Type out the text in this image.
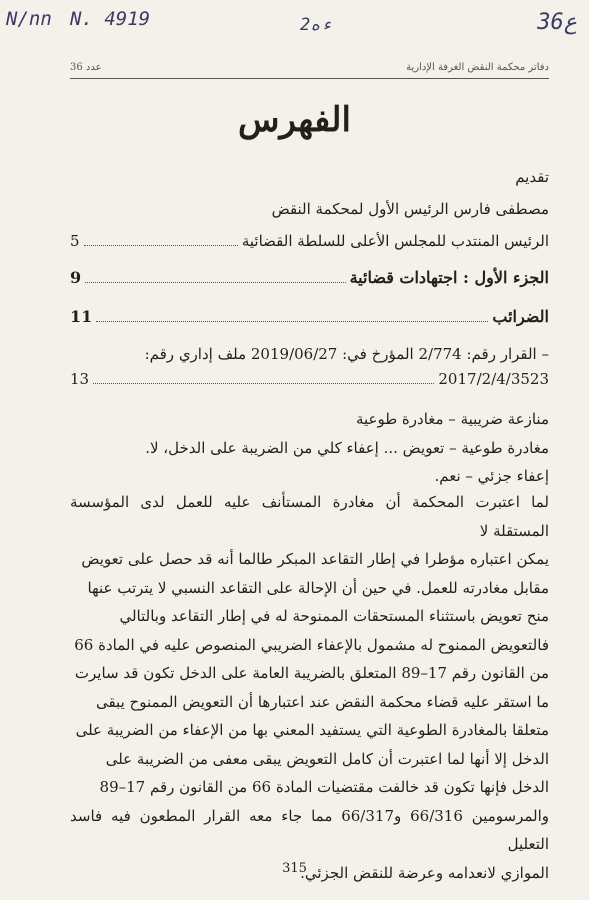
N/nn N. 4919	2ءه	36ع
دفاتر محكمة النقض الغرفة الإدارية
عدد 36
الفهرس
تقديم
مصطفى فارس الرئيس الأول لمحكمة النقض
الرئيس المنتدب للمجلس الأعلى للسلطة القضائية
5
الجزء الأول : اجتهادات قضائية
9
الضرائب
11
– القرار رقم: 2/774 المؤرخ في: 2019/06/27 ملف إداري رقم:
2017/2/4/3523
13
منازعة ضريبية – مغادرة طوعية
مغادرة طوعية – تعويض ... إعفاء كلي من الضريبة على الدخل، لا.
إعفاء جزئي – نعم.
لما اعتبرت المحكمة أن مغادرة المستأنف عليه للعمل لدى المؤسسة المستقلة لا
يمكن اعتباره مؤطرا في إطار التقاعد المبكر طالما أنه قد حصل على تعويض
مقابل مغادرته للعمل. في حين أن الإحالة على التقاعد النسبي لا يترتب عنها
منح تعويض باستثناء المستحقات الممنوحة له في إطار التقاعد وبالتالي
فالتعويض الممنوح له مشمول بالإعفاء الضريبي المنصوص عليه في المادة 66
من القانون رقم 17–89 المتعلق بالضريبة العامة على الدخل تكون قد سايرت
ما استقر عليه قضاء محكمة النقض عند اعتبارها أن التعويض الممنوح يبقى
متعلقا بالمغادرة الطوعية التي يستفيد المعني بها من الإعفاء من الضريبة على
الدخل إلا أنها لما اعتبرت أن كامل التعويض يبقى معفى من الضريبة على
الدخل فإنها تكون قد خالفت مقتضيات المادة 66 من القانون رقم 17–89
والمرسومين 66/316 و66/317 مما جاء معه القرار المطعون فيه فاسد التعليل
الموازي لانعدامه وعرضة للنقض الجزئي.
315
